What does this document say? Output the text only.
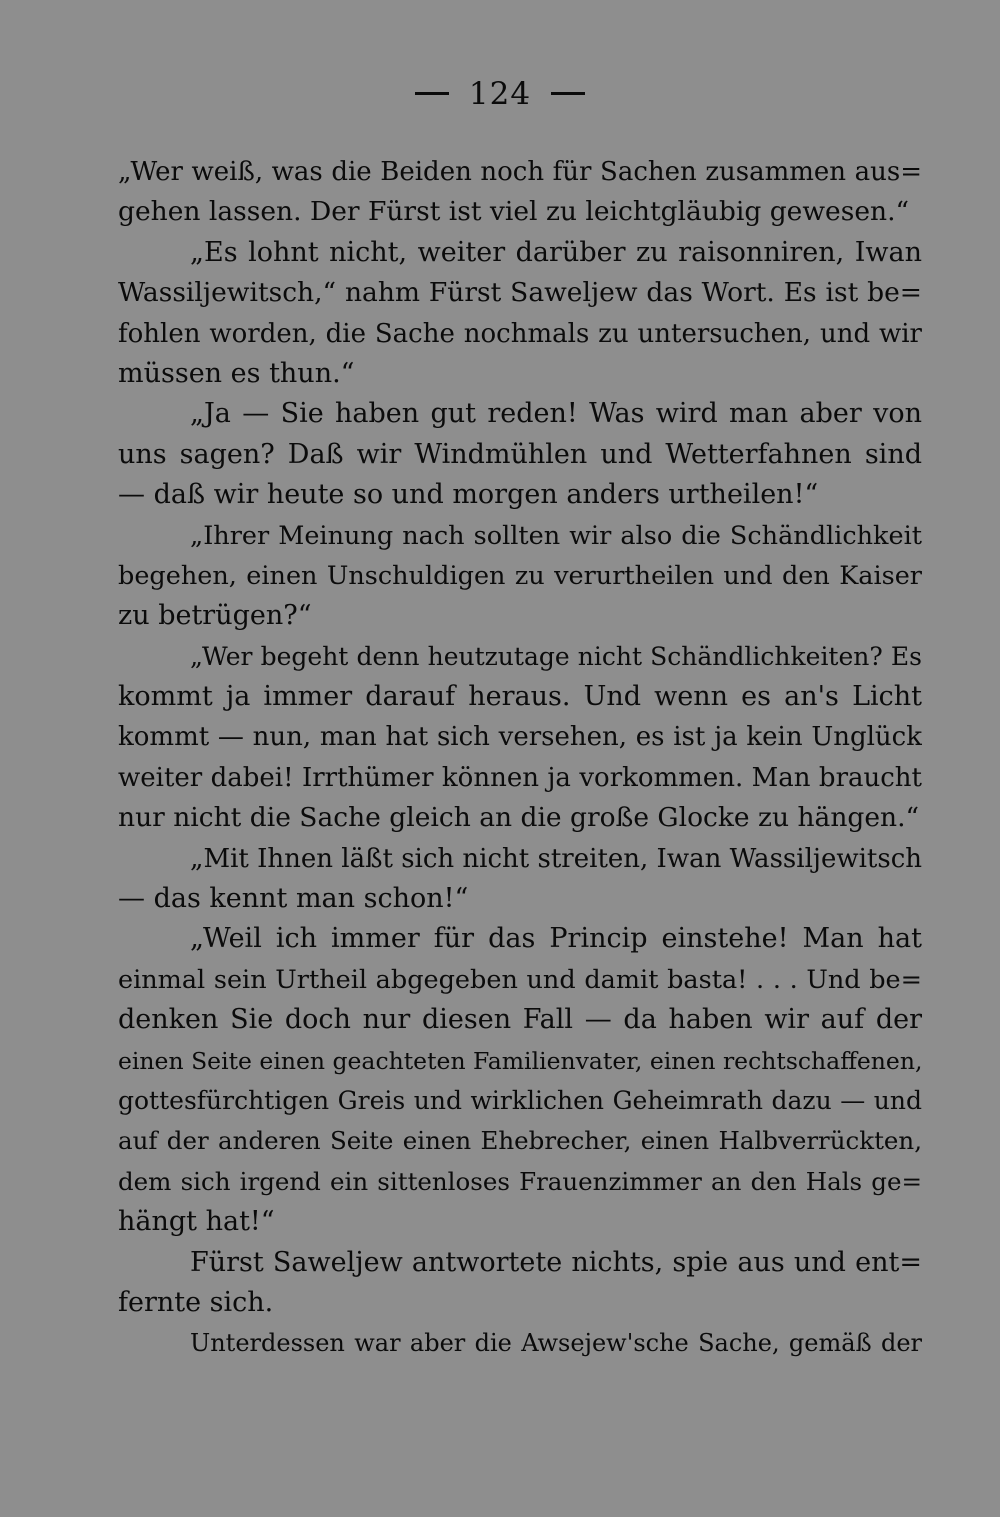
124
„Wer weiß, was die Beiden noch für Sachen zusammen aus=
gehen lassen. Der Fürst ist viel zu leichtgläubig gewesen.“
„Es lohnt nicht, weiter darüber zu raisonniren, Iwan
Wassiljewitsch,“ nahm Fürst Saweljew das Wort. Es ist be=
fohlen worden, die Sache nochmals zu untersuchen, und wir
müssen es thun.“
„Ja — Sie haben gut reden! Was wird man aber von
uns sagen? Daß wir Windmühlen und Wetterfahnen sind
— daß wir heute so und morgen anders urtheilen!“
„Ihrer Meinung nach sollten wir also die Schändlichkeit
begehen, einen Unschuldigen zu verurtheilen und den Kaiser
zu betrügen?“
„Wer begeht denn heutzutage nicht Schändlichkeiten? Es
kommt ja immer darauf heraus. Und wenn es an's Licht
kommt — nun, man hat sich versehen, es ist ja kein Unglück
weiter dabei! Irrthümer können ja vorkommen. Man braucht
nur nicht die Sache gleich an die große Glocke zu hängen.“
„Mit Ihnen läßt sich nicht streiten, Iwan Wassiljewitsch
— das kennt man schon!“
„Weil ich immer für das Princip einstehe! Man hat
einmal sein Urtheil abgegeben und damit basta! . . . Und be=
denken Sie doch nur diesen Fall — da haben wir auf der
einen Seite einen geachteten Familienvater, einen rechtschaffenen,
gottesfürchtigen Greis und wirklichen Geheimrath dazu — und
auf der anderen Seite einen Ehebrecher, einen Halbverrückten,
dem sich irgend ein sittenloses Frauenzimmer an den Hals ge=
hängt hat!“
Fürst Saweljew antwortete nichts, spie aus und ent=
fernte sich.
Unterdessen war aber die Awsejew'sche Sache, gemäß der
